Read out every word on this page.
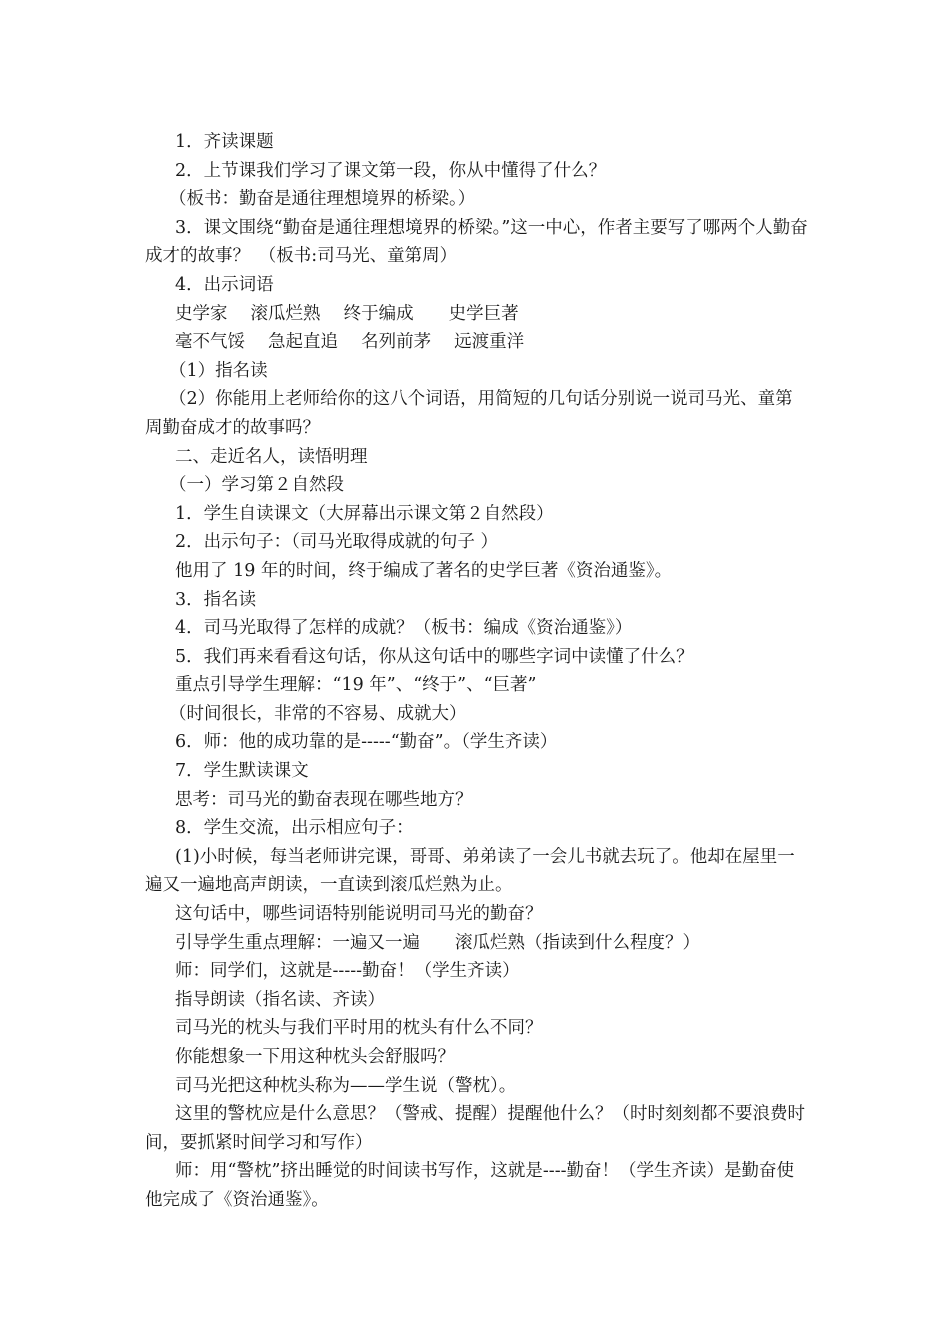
1．齐读课题

2．上节课我们学习了课文第一段，你从中懂得了什么？

（板书：勤奋是通往理想境界的桥梁。）

3．课文围绕“勤奋是通往理想境界的桥梁。”这一中心，作者主要写了哪两个人勤奋成才的故事？　（板书:司马光、童第周）

4．出示词语

史学家　 滚瓜烂熟　 终于编成　　史学巨著

毫不气馁　 急起直追　 名列前茅　 远渡重洋

（1）指名读

（2）你能用上老师给你的这八个词语，用简短的几句话分别说一说司马光、童第周勤奋成才的故事吗？

二、走近名人，读悟明理

（一）学习第２自然段

1．学生自读课文（大屏幕出示课文第２自然段）

2．出示句子：（司马光取得成就的句子 ）

他用了 19 年的时间，终于编成了著名的史学巨著《资治通鉴》。

3．指名读

4．司马光取得了怎样的成就？（板书：编成《资治通鉴》）

5．我们再来看看这句话，你从这句话中的哪些字词中读懂了什么？

重点引导学生理解：“19 年”、“终于”、“巨著”

（时间很长，非常的不容易、成就大）

6．师：他的成功靠的是-----“勤奋”。（学生齐读）

7．学生默读课文

思考：司马光的勤奋表现在哪些地方？

8．学生交流，出示相应句子：

(1)小时候，每当老师讲完课，哥哥、弟弟读了一会儿书就去玩了。他却在屋里一遍又一遍地高声朗读，一直读到滚瓜烂熟为止。

这句话中，哪些词语特别能说明司马光的勤奋？

引导学生重点理解：一遍又一遍　　滚瓜烂熟（指读到什么程度？）

师：同学们，这就是-----勤奋！（学生齐读）

指导朗读（指名读、齐读）

司马光的枕头与我们平时用的枕头有什么不同？

你能想象一下用这种枕头会舒服吗？

司马光把这种枕头称为——学生说（警枕）。

这里的警枕应是什么意思？（警戒、提醒）提醒他什么？（时时刻刻都不要浪费时间，要抓紧时间学习和写作）

师：用“警枕”挤出睡觉的时间读书写作，这就是----勤奋！（学生齐读）是勤奋使他完成了《资治通鉴》。
